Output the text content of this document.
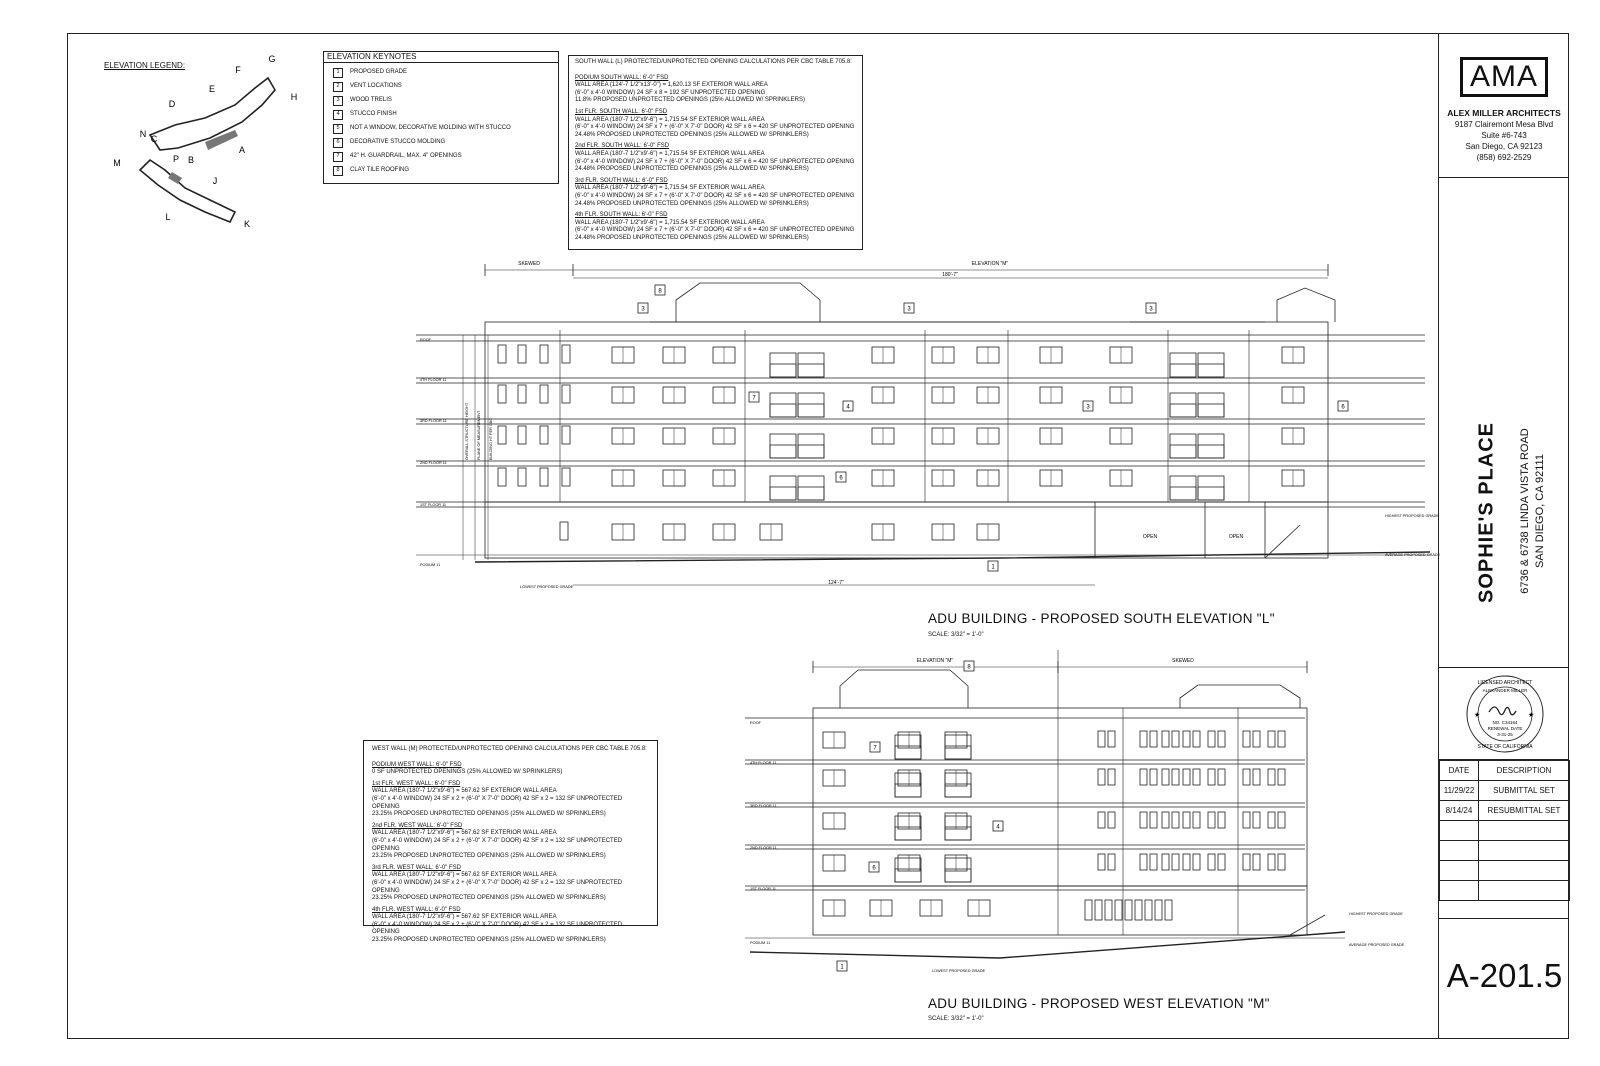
ELEVATION LEGEND:	F
G
H
E
D
A
N C
B
P
M
J
L
K
OPEN	OPEN
SKEWED	ELEVATION "M"
180'-7"
124'-7"
ROOF
4TH FLOOR 11
3RD FLOOR 11
2ND FLOOR 11
1ST FLOOR 11
PODIUM 11
HIGHEST PROPOSED GRADE
AVERAGE PROPOSED GRADE
LOWEST PROPOSED GRADE
8
3	3	3
7
4	3	6
6
1
ELEVATION "M"	SKEWED
ROOF
4TH FLOOR 11
3RD FLOOR 11
2ND FLOOR 11
1ST FLOOR 11
PODIUM 11
HIGHEST PROPOSED GRADE
AVERAGE PROPOSED GRADE
LOWEST PROPOSED GRADE
8
7
4
6
1
OVERALL STRUCTURE HEIGHT PLANE OF MEASUREMENT BUILDING HT PER CBC
ELEVATION KEYNOTES
1	PROPOSED GRADE
2	VENT LOCATIONS
3	WOOD TRELIS
4	STUCCO FINISH
5	NOT A WINDOW, DECORATIVE MOLDING WITH STUCCO
6	DECORATIVE STUCCO MOLDING
7	42" H. GUARDRAIL, MAX. 4" OPENINGS
8	CLAY TILE ROOFING

SOUTH WALL (L) PROTECTED/UNPROTECTED OPENING CALCULATIONS PER CBC TABLE 705.8:

PODIUM SOUTH WALL: 6'-0" FSD
WALL AREA (124'-7 1/2"x13'-0") = 1,620.13 SF EXTERIOR WALL AREA
(6'-0" x 4'-0 WINDOW) 24 SF x 8 = 192 SF UNPROTECTED OPENING
11.8% PROPOSED UNPROTECTED OPENINGS (25% ALLOWED W/ SPRINKLERS)

1st FLR. SOUTH WALL: 6'-0" FSD
WALL AREA (180'-7 1/2"x9'-6") = 1,715.54 SF EXTERIOR WALL AREA
(6'-0" x 4'-0 WINDOW) 24 SF x 7 + (6'-0" X 7'-0" DOOR) 42 SF x 6 = 420 SF UNPROTECTED OPENING
24.48% PROPOSED UNPROTECTED OPENINGS (25% ALLOWED W/ SPRINKLERS)

2nd FLR. SOUTH WALL: 6'-0" FSD
WALL AREA (180'-7 1/2"x9'-6") = 1,715.54 SF EXTERIOR WALL AREA
(6'-0" x 4'-0 WINDOW) 24 SF x 7 + (6'-0" X 7'-0" DOOR) 42 SF x 6 = 420 SF UNPROTECTED OPENING
24.48% PROPOSED UNPROTECTED OPENINGS (25% ALLOWED W/ SPRINKLERS)

3rd FLR. SOUTH WALL: 6'-0" FSD
WALL AREA (180'-7 1/2"x9'-6") = 1,715.54 SF EXTERIOR WALL AREA
(6'-0" x 4'-0 WINDOW) 24 SF x 7 + (6'-0" X 7'-0" DOOR) 42 SF x 6 = 420 SF UNPROTECTED OPENING
24.48% PROPOSED UNPROTECTED OPENINGS (25% ALLOWED W/ SPRINKLERS)

4th FLR. SOUTH WALL: 6'-0" FSD
WALL AREA (180'-7 1/2"x9'-6") = 1,715.54 SF EXTERIOR WALL AREA
(6'-0" x 4'-0 WINDOW) 24 SF x 7 + (6'-0" X 7'-0" DOOR) 42 SF x 6 = 420 SF UNPROTECTED OPENING
24.48% PROPOSED UNPROTECTED OPENINGS (25% ALLOWED W/ SPRINKLERS)

WEST WALL (M) PROTECTED/UNPROTECTED OPENING CALCULATIONS PER CBC TABLE 705.8:

PODIUM WEST WALL: 6'-0" FSD
0 SF UNPROTECTED OPENINGS (25% ALLOWED W/ SPRINKLERS)

1st FLR. WEST WALL: 6'-0" FSD
WALL AREA (180'-7 1/2"x9'-6") = 567.62 SF EXTERIOR WALL AREA
(6'-0" x 4'-0 WINDOW) 24 SF x 2 + (6'-0" X 7'-0" DOOR) 42 SF x 2 = 132 SF UNPROTECTED OPENING
23.25% PROPOSED UNPROTECTED OPENINGS (25% ALLOWED W/ SPRINKLERS)

2nd FLR. WEST WALL: 6'-0" FSD
WALL AREA (180'-7 1/2"x9'-6") = 567.62 SF EXTERIOR WALL AREA
(6'-0" x 4'-0 WINDOW) 24 SF x 2 + (6'-0" X 7'-0" DOOR) 42 SF x 2 = 132 SF UNPROTECTED OPENING
23.25% PROPOSED UNPROTECTED OPENINGS (25% ALLOWED W/ SPRINKLERS)

3rd FLR. WEST WALL: 6'-0" FSD
WALL AREA (180'-7 1/2"x9'-6") = 567.62 SF EXTERIOR WALL AREA
(6'-0" x 4'-0 WINDOW) 24 SF x 2 + (6'-0" X 7'-0" DOOR) 42 SF x 2 = 132 SF UNPROTECTED OPENING
23.25% PROPOSED UNPROTECTED OPENINGS (25% ALLOWED W/ SPRINKLERS)

4th FLR. WEST WALL: 6'-0" FSD
WALL AREA (180'-7 1/2"x9'-6") = 567.62 SF EXTERIOR WALL AREA
(6'-0" x 4'-0 WINDOW) 24 SF x 2 + (6'-0" X 7'-0" DOOR) 42 SF x 2 = 132 SF UNPROTECTED OPENING
23.25% PROPOSED UNPROTECTED OPENINGS (25% ALLOWED W/ SPRINKLERS)

ADU BUILDING - PROPOSED SOUTH ELEVATION "L"
SCALE: 3/32" = 1'-0"
ADU BUILDING - PROPOSED WEST ELEVATION "M"
SCALE: 3/32" = 1'-0"
AMA
ALEX MILLER ARCHITECTS
9187 Clairemont Mesa Blvd
Suite #6-743
San Diego, CA 92123
(858) 692-2529
SOPHIE'S PLACE 6736 & 6738 LINDA VISTA ROAD SAN DIEGO, CA 92111
LICENSED ARCHITECT
ALEXANDER MILLER
NO. C34164
RENEWAL DATE
3-31-25
STATE OF CALIFORNIA
★	★
DATE	DESCRIPTION
11/29/22	SUBMITTAL SET
8/14/24	RESUBMITTAL SET

A-201.5
